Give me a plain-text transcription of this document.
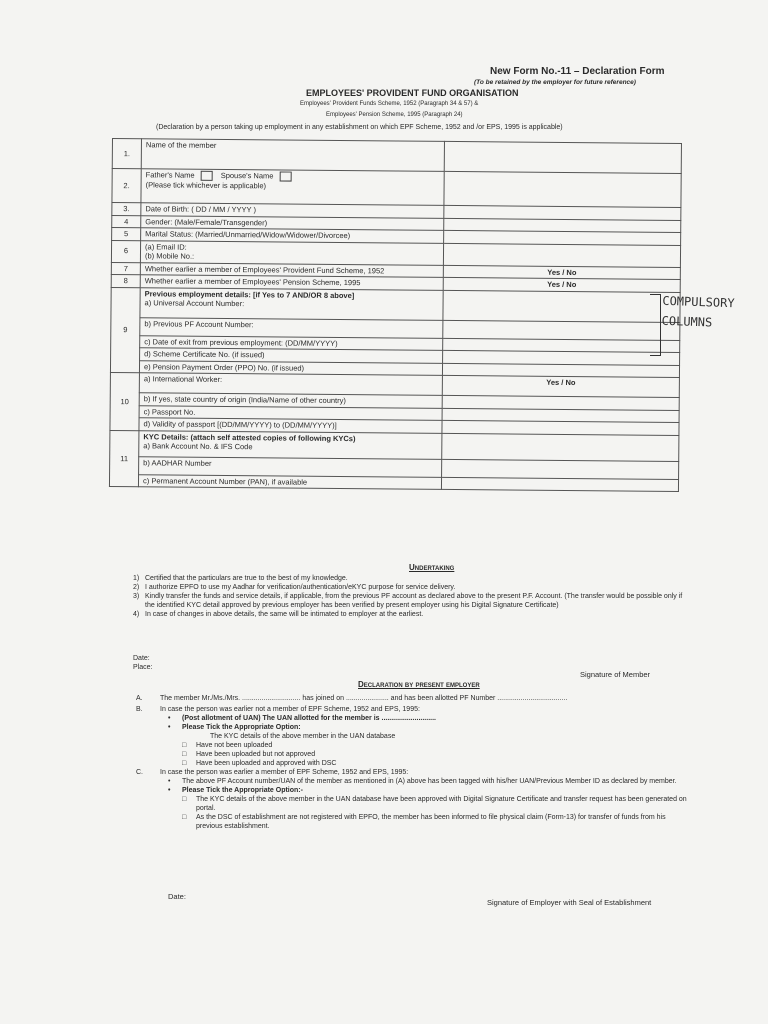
New Form No.-11 – Declaration Form
(To be retained by the employer for future reference)
EMPLOYEES' PROVIDENT FUND ORGANISATION
Employees' Provident Funds Scheme, 1952 (Paragraph 34 & 57) &
Employees' Pension Scheme, 1995 (Paragraph 24)
(Declaration by a person taking up employment in any establishment on which EPF Scheme, 1952 and /or EPS, 1995 is applicable)
1.	Name of the member	
2.	Father's Name Spouse's Name
(Please tick whichever is applicable)	

3.	Date of Birth: ( DD / MM / YYYY )	
4	Gender: (Male/Female/Transgender)	
5	Marital Status: (Married/Unmarried/Widow/Widower/Divorcee)	
6	(a) Email ID:
(b) Mobile No.:	

7	Whether earlier a member of Employees' Provident Fund Scheme, 1952	Yes / No
8	Whether earlier a member of Employees' Pension Scheme, 1995	Yes / No
9	Previous employment details: [if Yes to 7 AND/OR 8 above]
a) Universal Account Number:	

	b) Previous PF Account Number:	
	c) Date of exit from previous employment: (DD/MM/YYYY)	
	d) Scheme Certificate No. (if issued)	
	e) Pension Payment Order (PPO) No. (if issued)	
10	a) International Worker:	Yes / No
	b) If yes, state country of origin (India/Name of other country)	
	c) Passport No.	
	d) Validity of passport [(DD/MM/YYYY) to (DD/MM/YYYY)]	
11	KYC Details: (attach self attested copies of following KYCs)
a) Bank Account No. & IFS Code	

	b) AADHAR Number	
	c) Permanent Account Number (PAN), if available	
COMPULSORY
COLUMNS
Undertaking
1) Certified that the particulars are true to the best of my knowledge.
2) I authorize EPFO to use my Aadhar for verification/authentication/eKYC purpose for service delivery.
3) Kindly transfer the funds and service details, if applicable, from the previous PF account as declared above to the present P.F. Account. (The transfer would be possible only if the identified KYC detail approved by previous employer has been verified by present employer using his Digital Signature Certificate)
4) In case of changes in above details, the same will be intimated to employer at the earliest.
Date:
Place:
Signature of Member
Declaration by present employer
A.	The member Mr./Ms./Mrs. .............................. has joined on ...................... and has been allotted PF Number ....................................
B.	In case the person was earlier not a member of EPF Scheme, 1952 and EPS, 1995:
•	(Post allotment of UAN) The UAN allotted for the member is ............................
•	Please Tick the Appropriate Option:
The KYC details of the above member in the UAN database
□	Have not been uploaded
□	Have been uploaded but not approved
□	Have been uploaded and approved with DSC
C.	In case the person was earlier a member of EPF Scheme, 1952 and EPS, 1995:
•	The above PF Account number/UAN of the member as mentioned in (A) above has been tagged with his/her UAN/Previous Member ID as declared by member.
•	Please Tick the Appropriate Option:-
□	The KYC details of the above member in the UAN database have been approved with Digital Signature Certificate and transfer request has been generated on portal.
□	As the DSC of establishment are not registered with EPFO, the member has been informed to file physical claim (Form-13) for transfer of funds from his previous establishment.
Date:
Signature of Employer with Seal of Establishment
